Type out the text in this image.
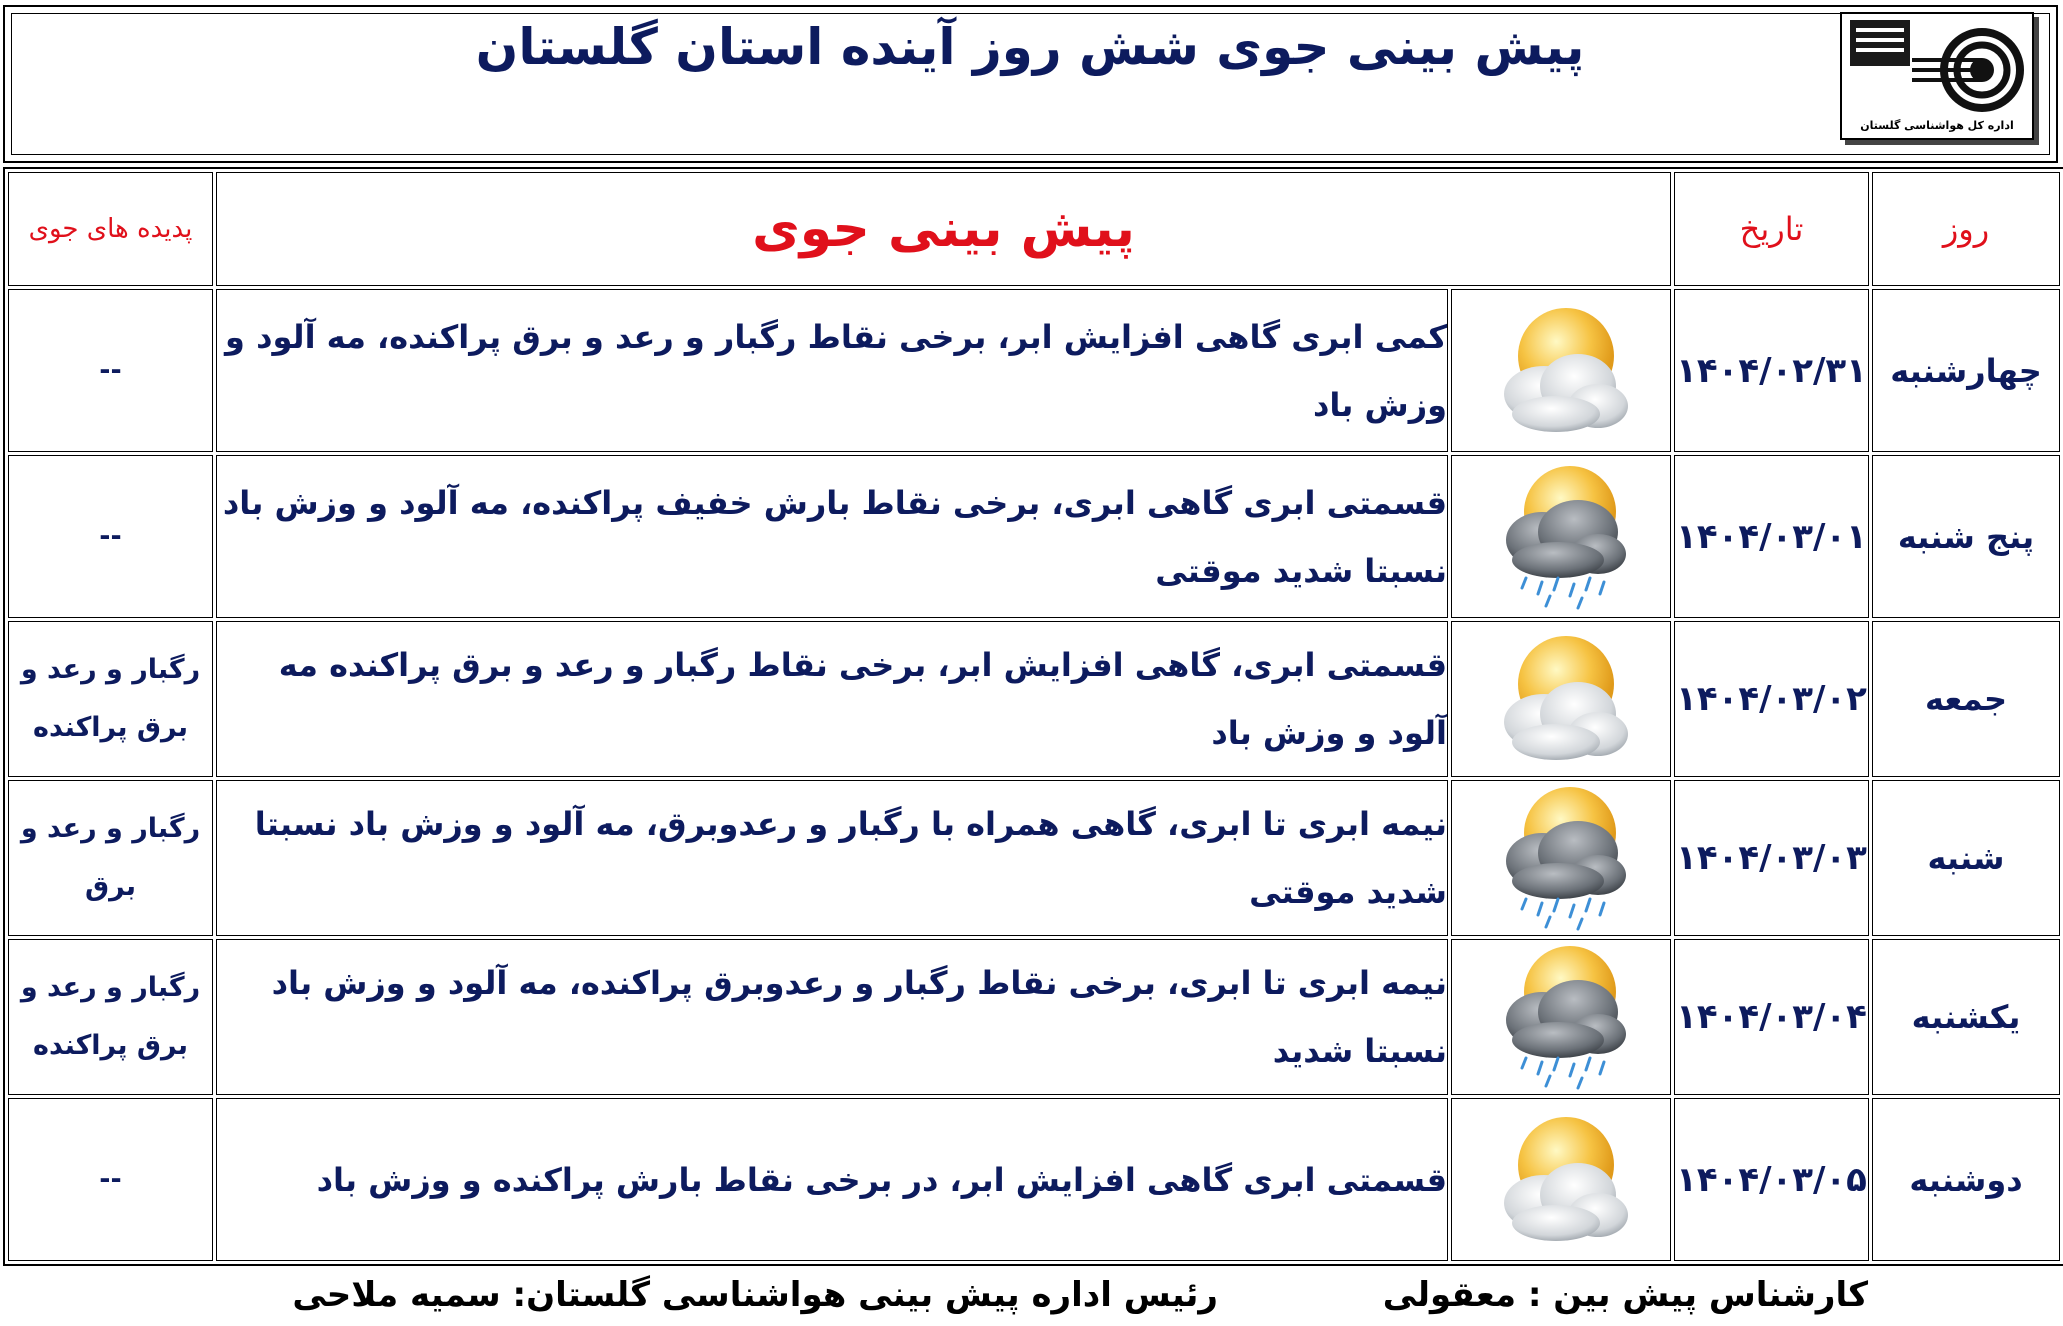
پیش بینی جوی شش روز آینده استان گلستان
اداره کل هواشناسی گلستان
روز	تاریخ	پیش بینی جوی		پدیده های جوی
چهارشنبه	۱۴۰۴/۰۲/۳۱		کمی ابری گاهی افزایش ابر، برخی نقاط رگبار و رعد و برق پراکنده، مه آلود و وزش باد	--
پنج شنبه	۱۴۰۴/۰۳/۰۱		قسمتی ابری گاهی ابری، برخی نقاط بارش خفیف پراکنده، مه آلود و وزش باد نسبتا شدید موقتی	--
جمعه	۱۴۰۴/۰۳/۰۲		قسمتی ابری، گاهی افزایش ابر، برخی نقاط رگبار و رعد و برق پراکنده مه آلود و وزش باد	رگبار و رعد و برق پراکنده
شنبه	۱۴۰۴/۰۳/۰۳		نیمه ابری تا ابری، گاهی همراه با رگبار و رعدوبرق، مه آلود و وزش باد نسبتا شدید موقتی	رگبار و رعد و برق
یکشنبه	۱۴۰۴/۰۳/۰۴		نیمه ابری تا ابری، برخی نقاط رگبار و رعدوبرق پراکنده، مه آلود و وزش باد نسبتا شدید	رگبار و رعد و برق پراکنده
دوشنبه	۱۴۰۴/۰۳/۰۵		قسمتی ابری گاهی افزایش ابر، در برخی نقاط بارش پراکنده و وزش باد	--
کارشناس پیش بین : معقولی
رئیس اداره پیش بینی هواشناسی گلستان: سمیه ملاحی
